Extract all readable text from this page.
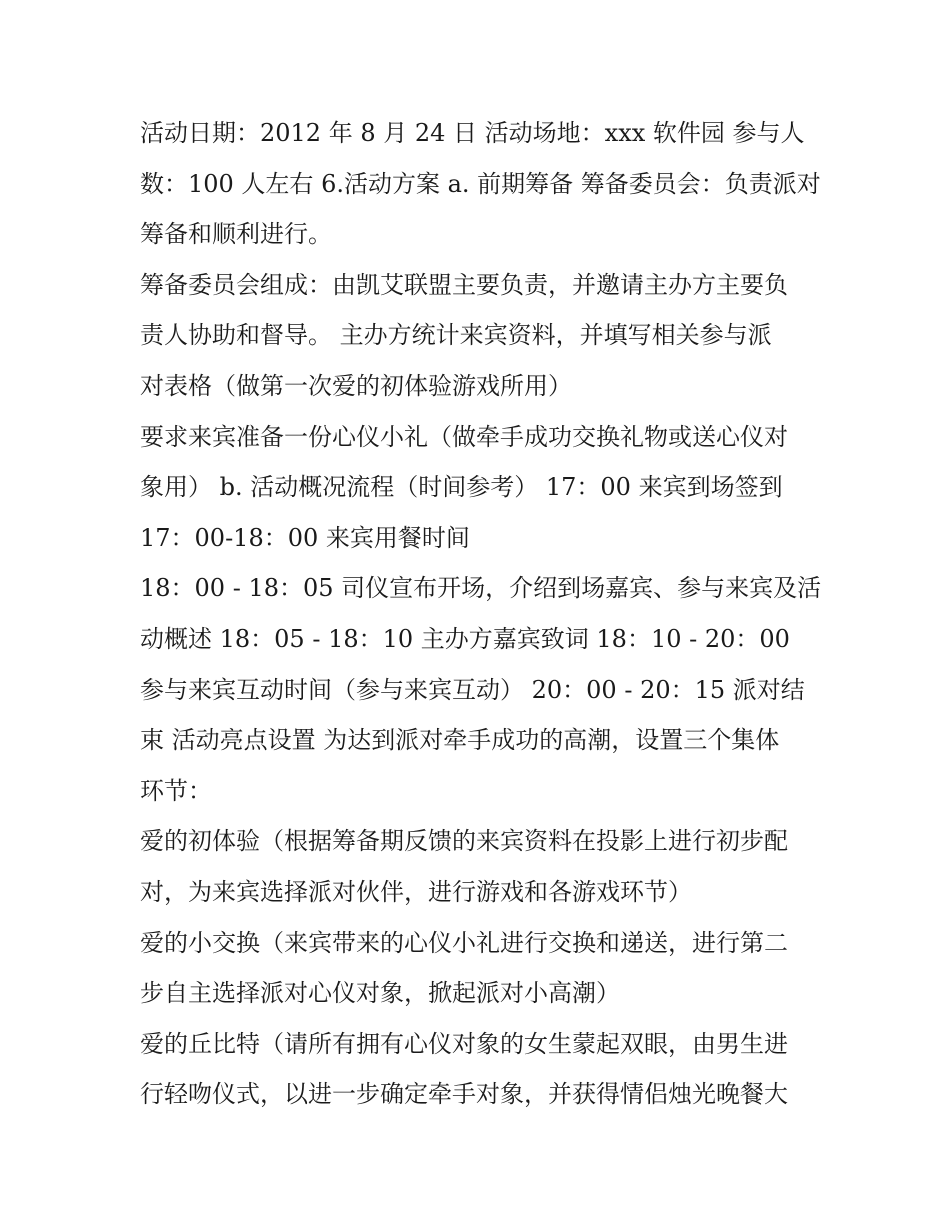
活动日期：2012 年 8 月 24 日 活动场地：xxx 软件园 参与人
数：100 人左右 6.活动方案 a. 前期筹备 筹备委员会：负责派对
筹备和顺利进行。

筹备委员会组成：由凯艾联盟主要负责，并邀请主办方主要负
责人协助和督导。 主办方统计来宾资料，并填写相关参与派
对表格（做第一次爱的初体验游戏所用）

要求来宾准备一份心仪小礼（做牵手成功交换礼物或送心仪对
象用） b. 活动概况流程（时间参考） 17：00 来宾到场签到

17：00-18：00 来宾用餐时间

18：00 - 18：05 司仪宣布开场，介绍到场嘉宾、参与来宾及活
动概述 18：05 - 18：10 主办方嘉宾致词 18：10 - 20：00

参与来宾互动时间（参与来宾互动） 20：00 - 20：15 派对结
束 活动亮点设置 为达到派对牵手成功的高潮，设置三个集体
环节：

爱的初体验（根据筹备期反馈的来宾资料在投影上进行初步配
对，为来宾选择派对伙伴，进行游戏和各游戏环节）

爱的小交换（来宾带来的心仪小礼进行交换和递送，进行第二
步自主选择派对心仪对象，掀起派对小高潮）

爱的丘比特（请所有拥有心仪对象的女生蒙起双眼，由男生进
行轻吻仪式，以进一步确定牵手对象，并获得情侣烛光晚餐大
